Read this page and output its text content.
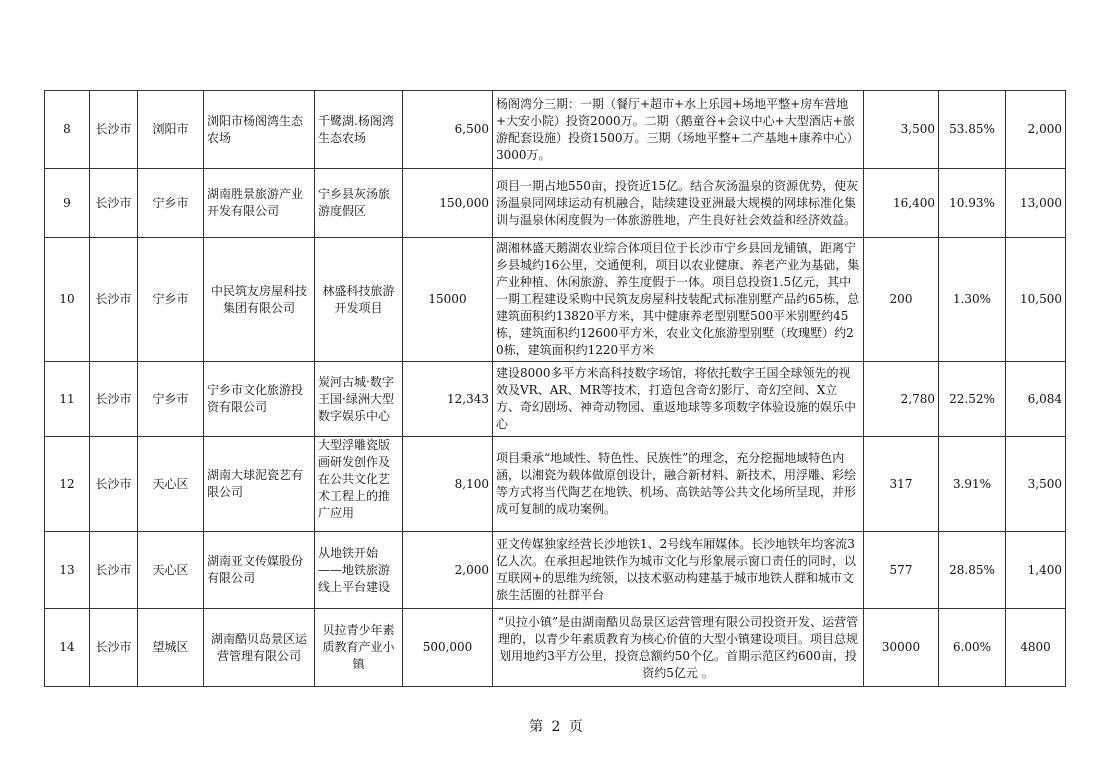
8	长沙市	浏阳市	浏阳市杨阁湾生态农场	千鹭湖.杨阁湾生态农场	6,500	杨阁湾分三期：一期（餐厅+超市+水上乐园+场地平整+房车营地+大安小院）投资2000万。二期（鹅童谷+会议中心+大型酒店+旅游配套设施）投资1500万。三期（场地平整+二产基地+康养中心）3000万。	3,500	53.85%	2,000
9	长沙市	宁乡市	湖南胜景旅游产业开发有限公司	宁乡县灰汤旅游度假区	150,000	项目一期占地550亩，投资近15亿。结合灰汤温泉的资源优势，使灰汤温泉同网球运动有机融合，陆续建设亚洲最大规模的网球标准化集训与温泉休闲度假为一体旅游胜地，产生良好社会效益和经济效益。	16,400	10.93%	13,000
10	长沙市	宁乡市	中民筑友房屋科技集团有限公司	林盛科技旅游开发项目	15000	湖湘林盛天鹅湖农业综合体项目位于长沙市宁乡县回龙铺镇，距离宁乡县城约16公里，交通便利，项目以农业健康、养老产业为基础，集产业种植、休闲旅游、养生度假于一体。项目总投资1.5亿元，其中一期工程建设采购中民筑友房屋科技装配式标准别墅产品约65栋，总建筑面积约13820平方米，其中健康养老型别墅500平米别墅约45栋，建筑面积约12600平方米，农业文化旅游型别墅（玫瑰墅）约20栋，建筑面积约1220平方米	200	1.30%	10,500
11	长沙市	宁乡市	宁乡市文化旅游投资有限公司	炭河古城·数字王国·绿洲大型数字娱乐中心	12,343	建设8000多平方米高科技数字场馆，将依托数字王国全球领先的视效及VR、AR、MR等技术，打造包含奇幻影厅、奇幻空间、X立方、奇幻剧场、神奇动物园、重返地球等多项数字体验设施的娱乐中心	2,780	22.52%	6,084
12	长沙市	天心区	湖南大球泥瓷艺有限公司	大型浮雕瓷版画研发创作及在公共文化艺术工程上的推广应用	8,100	项目秉承“地域性、特色性、民族性”的理念，充分挖掘地域特色内涵，以湘瓷为载体做原创设计，融合新材料、新技术，用浮雕、彩绘等方式将当代陶艺在地铁、机场、高铁站等公共文化场所呈现，并形成可复制的成功案例。	317	3.91%	3,500
13	长沙市	天心区	湖南亚文传媒股份有限公司	从地铁开始——地铁旅游线上平台建设	2,000	亚文传媒独家经营长沙地铁1、2号线车厢媒体。长沙地铁年均客流3亿人次。在承担起地铁作为城市文化与形象展示窗口责任的同时，以互联网+的思维为统领，以技术驱动构建基于城市地铁人群和城市文旅生活圈的社群平台	577	28.85%	1,400
14	长沙市	望城区	湖南酷贝岛景区运营管理有限公司	贝拉青少年素质教育产业小镇	500,000	“贝拉小镇”是由湖南酷贝岛景区运营管理有限公司投资开发、运营管理的，以青少年素质教育为核心价值的大型小镇建设项目。项目总规划用地约3平方公里，投资总额约50个亿。首期示范区约600亩，投资约5亿元 。	30000	6.00%	4800
第 2 页
